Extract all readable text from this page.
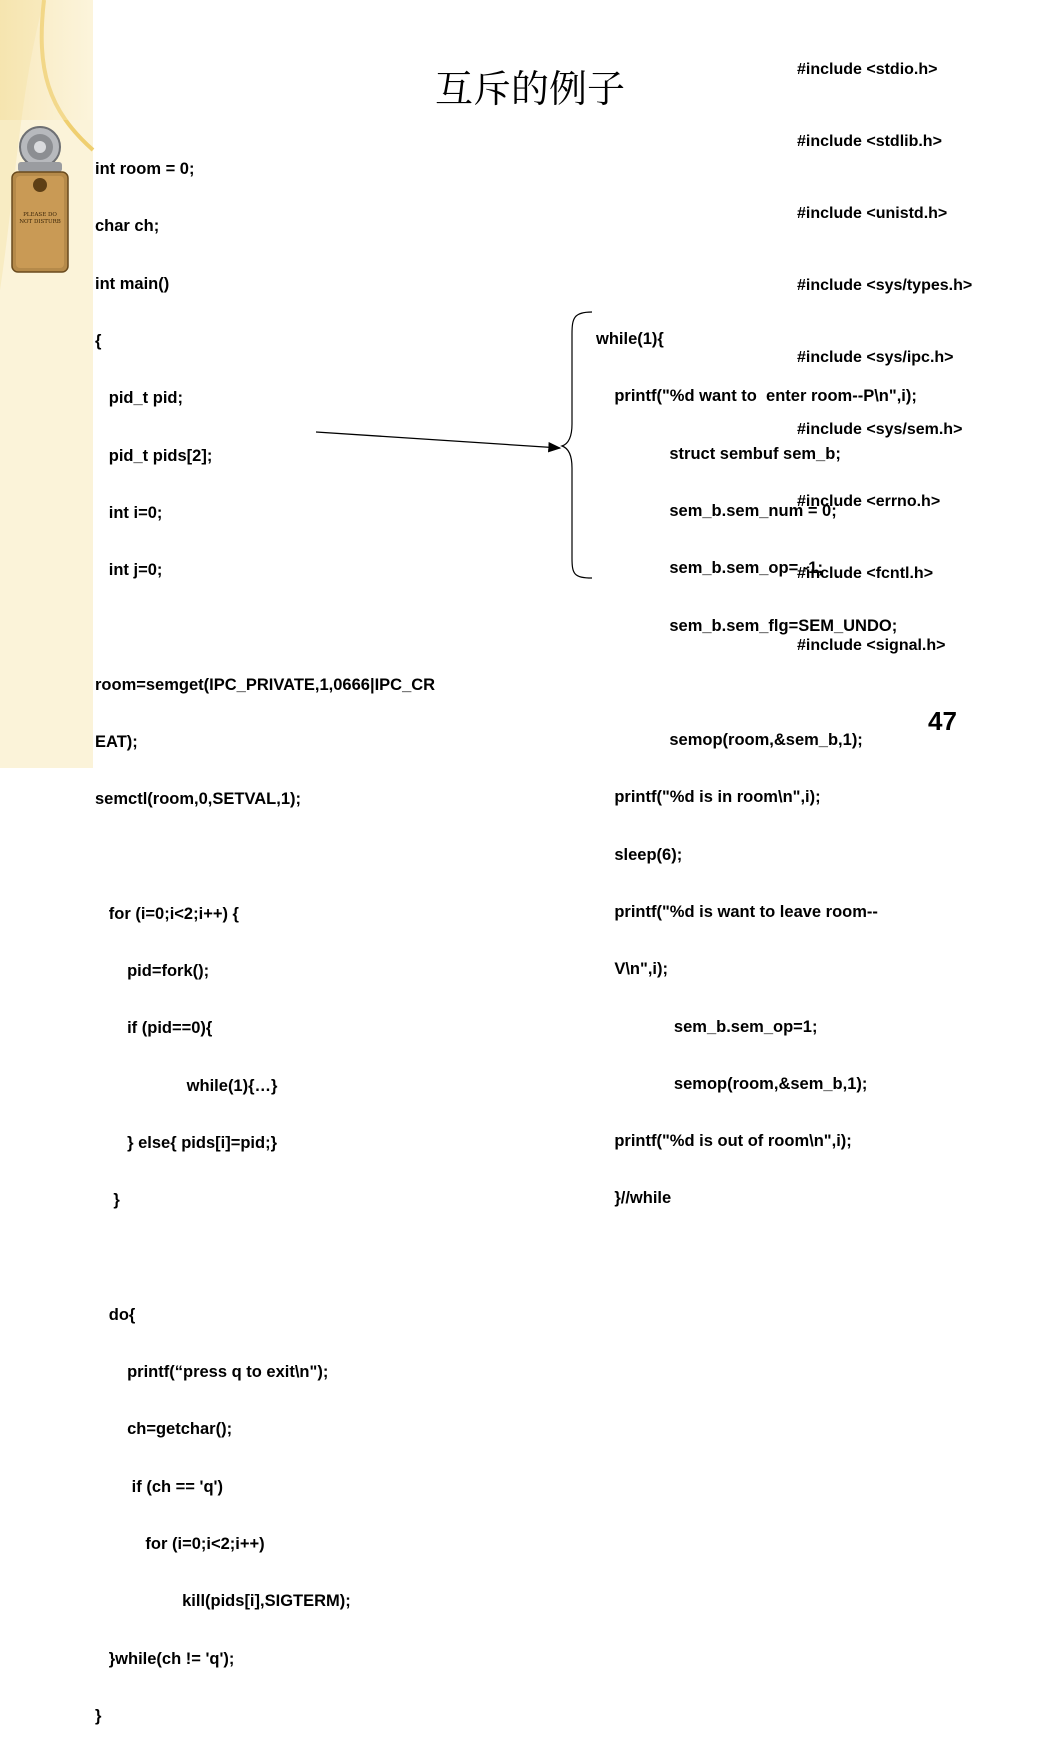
PLEASE DO NOT DISTURB
互斥的例子

	#include <stdio.h>

#include <stdlib.h>

#include <unistd.h>

#include <sys/types.h>

#include <sys/ipc.h>

#include <sys/sem.h>

#include <errno.h>

#include <fcntl.h>

#include <signal.h>

int room = 0;

char ch;

int main()

{

pid_t pid;

pid_t pids[2];

int i=0;

int j=0;

room=semget(IPC_PRIVATE,1,0666|IPC_CR

EAT);

semctl(room,0,SETVAL,1);

for (i=0;i<2;i++) {

pid=fork();

if (pid==0){

while(1){…}

} else{ pids[i]=pid;}

}

do{

printf(“press q to exit\n");

ch=getchar();

if (ch == 'q')

for (i=0;i<2;i++)

kill(pids[i],SIGTERM);

}while(ch != 'q');

}

while(1){

printf("%d want to  enter room--P\n",i);

struct sembuf sem_b;

sem_b.sem_num = 0;

sem_b.sem_op= -1;

sem_b.sem_flg=SEM_UNDO;

semop(room,&sem_b,1);

printf("%d is in room\n",i);

sleep(6);

printf("%d is want to leave room--

V\n",i);

sem_b.sem_op=1;

semop(room,&sem_b,1);

printf("%d is out of room\n",i);

}//while

47
